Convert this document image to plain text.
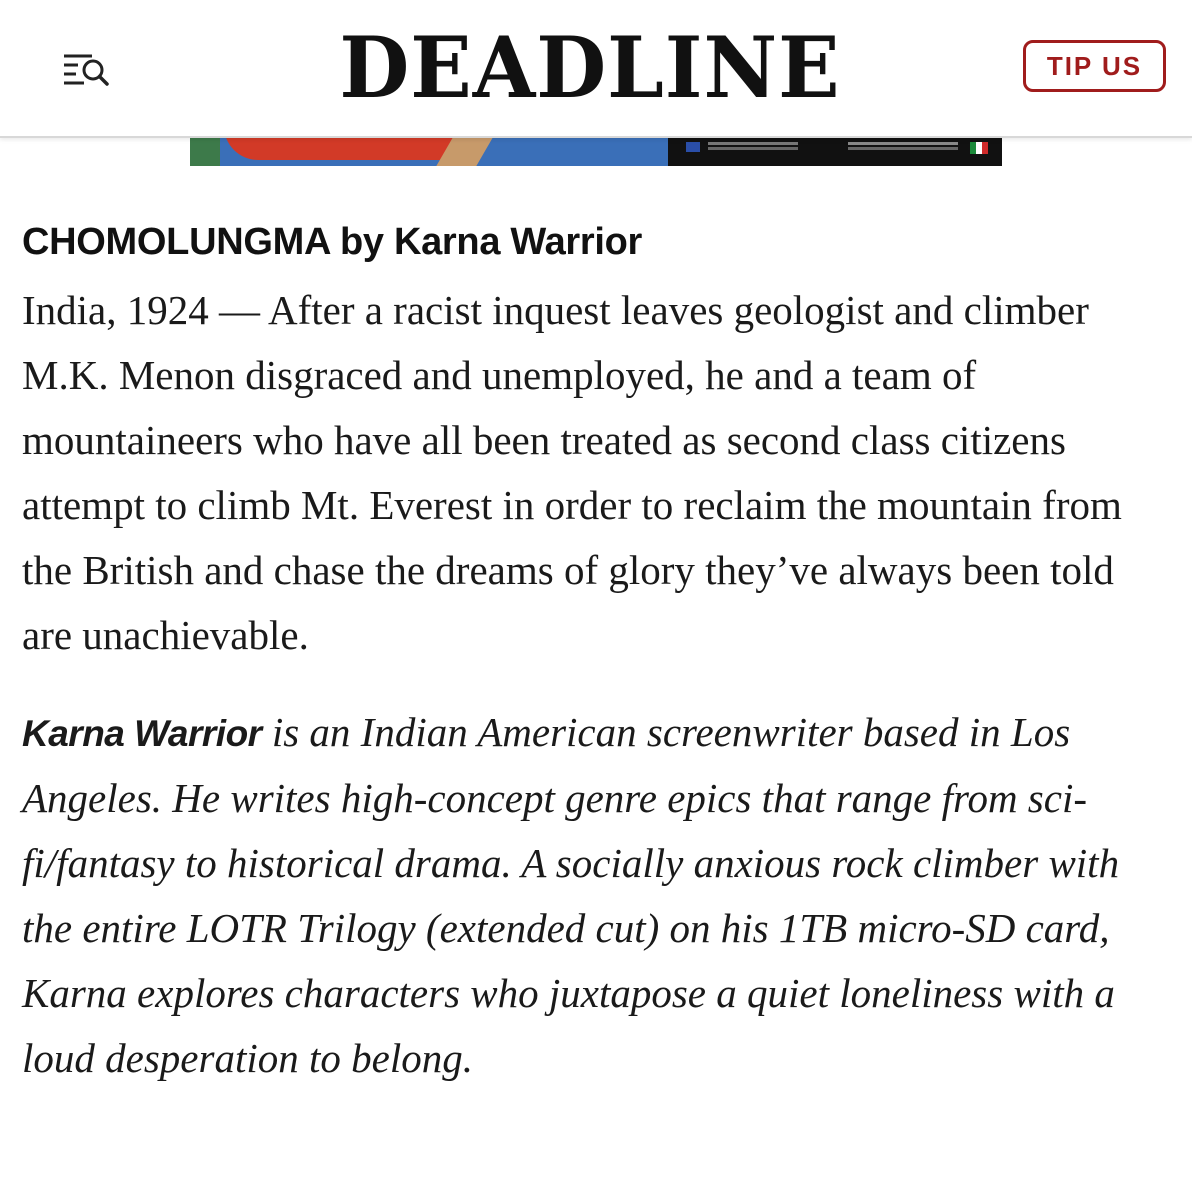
DEADLINE	TIP US
CHOMOLUNGMA by Karna Warrior

India, 1924 — After a racist inquest leaves geologist and climber M.K. Menon disgraced and unemployed, he and a team of mountaineers who have all been treated as second class citizens attempt to climb Mt. Everest in order to reclaim the mountain from the British and chase the dreams of glory they’ve always been told are unachievable.

Karna Warrior is an Indian American screenwriter based in Los Angeles. He writes high-concept genre epics that range from sci-fi/fantasy to historical drama. A socially anxious rock climber with the entire LOTR Trilogy (extended cut) on his 1TB micro-SD card, Karna explores characters who juxtapose a quiet loneliness with a loud desperation to belong.
